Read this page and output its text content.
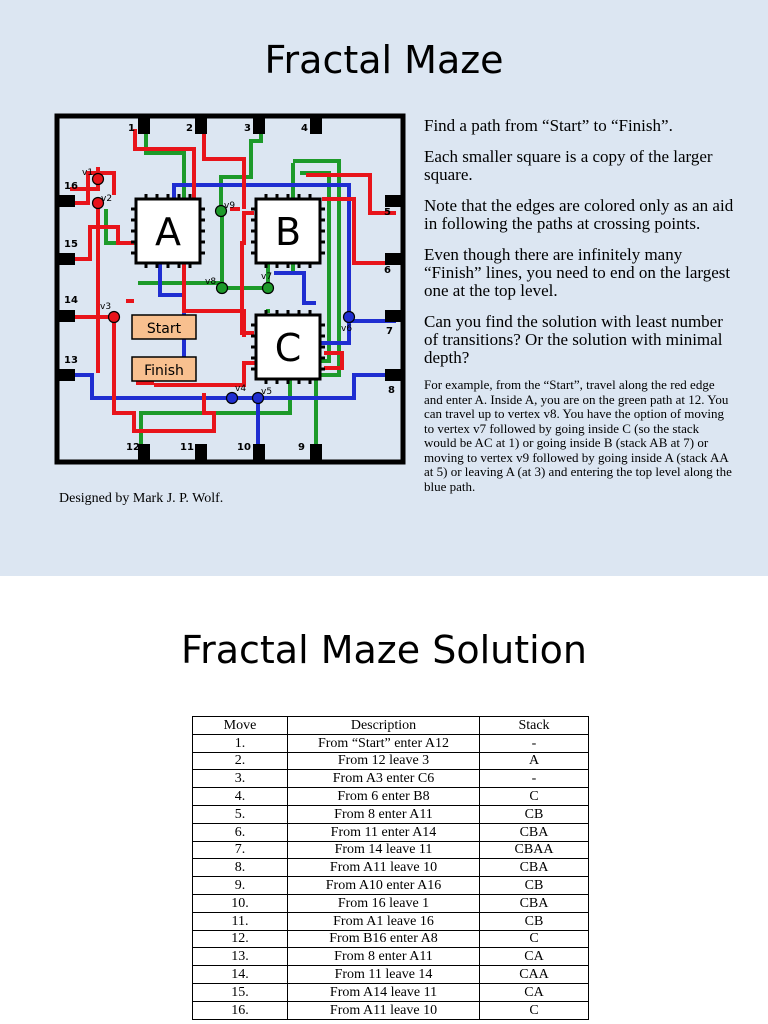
Fractal Maze
A B
C
Start
Finish
v1
v2
v3
v4 v5
v6
v7
v8
v9
1	2	3	4
5
6
7
8
9
10
11
12
13
14
15
16
Designed by Mark J. P. Wolf.

Find a path from “Start” to “Finish”.

Each smaller square is a copy of the larger square.

Note that the edges are colored only as an aid in following the paths at crossing points.

Even though there are infinitely many “Finish” lines, you need to end on the largest one at the top level.

Can you find the solution with least number of transitions? Or the solution with minimal depth?

For example, from the “Start”, travel along the red edge and enter A. Inside A, you are on the green path at 12. You can travel up to vertex v8. You have the option of moving to vertex v7 followed by going inside C (so the stack would be AC at 1) or going inside B (stack AB at 7) or moving to vertex v9 followed by going inside A (stack AA at 5) or leaving A (at 3) and entering the top level along the blue path.
Fractal Maze Solution
Move	Description	Stack
1.	From “Start” enter A12	-
2.	From 12 leave 3	A
3.	From A3 enter C6	-
4.	From 6 enter B8	C
5.	From 8 enter A11	CB
6.	From 11 enter A14	CBA
7.	From 14 leave 11	CBAA
8.	From A11 leave 10	CBA
9.	From A10 enter A16	CB
10.	From 16 leave 1	CBA
11.	From A1 leave 16	CB
12.	From B16 enter A8	C
13.	From 8 enter A11	CA
14.	From 11 leave 14	CAA
15.	From A14 leave 11	CA
16.	From A11 leave 10	C
